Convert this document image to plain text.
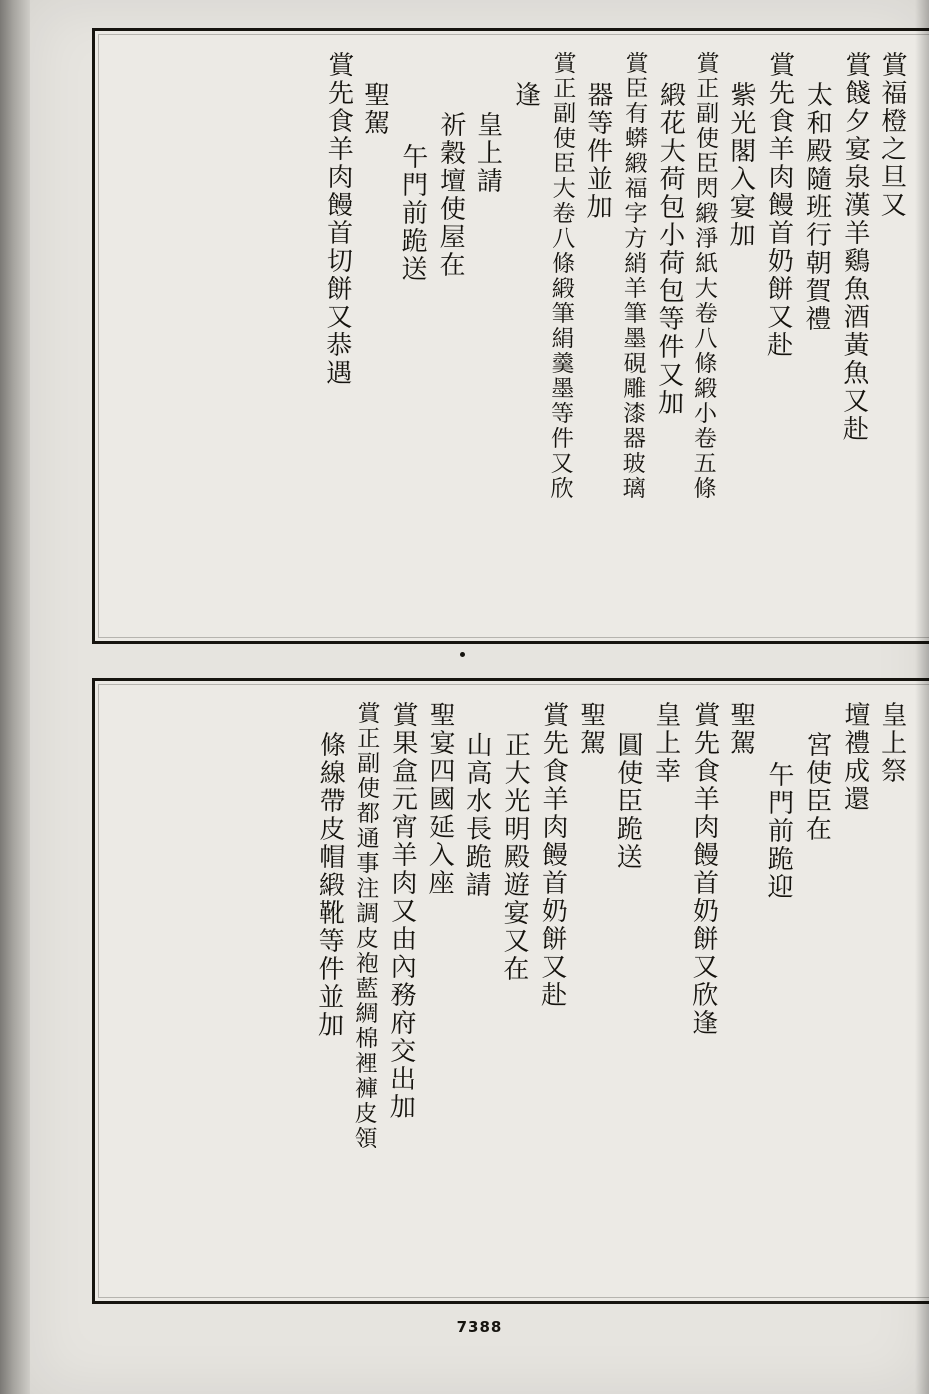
賞福橙之旦又
賞餞夕宴泉漢羊鷄魚酒黃魚又赴
太和殿隨班行朝賀禮
賞先食羊肉饅首奶餅又赴
紫光閣入宴加
賞正副使臣閃緞淨紙大卷八條緞小卷五條
緞花大荷包小荷包等件又加
賞臣有蟒緞福字方綃羊筆墨硯雕漆器玻璃
器等件並加
賞正副使臣大卷八條緞筆絹羹墨等件又欣
逢
皇上請
祈穀壇使屋在
午門前跪送
聖駕
賞先食羊肉饅首切餅又恭遇
皇上祭
壇禮成還
宮使臣在
午門前跪迎
聖駕
賞先食羊肉饅首奶餅又欣逢
皇上幸
圓使臣跪送
聖駕
賞先食羊肉饅首奶餅又赴
正大光明殿遊宴又在
山高水長跪請
聖宴四國延入座
賞果盒元宵羊肉又由內務府交出加
賞正副使都通事注調皮袍藍綢棉裡褲皮領
條線帶皮帽緞靴等件並加
7388
